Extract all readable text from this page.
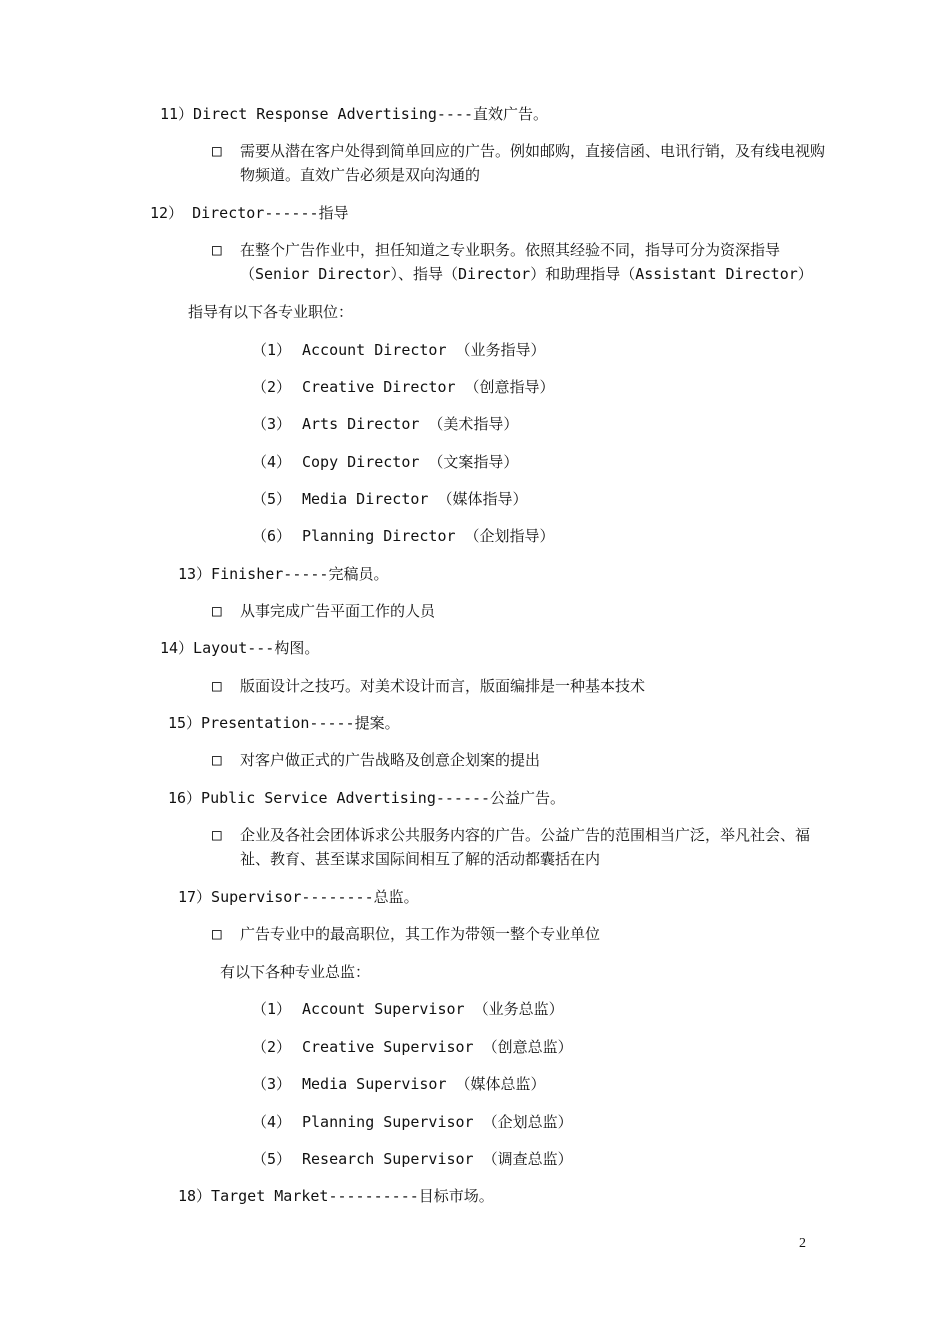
11）Direct Response Advertising----直效广告。
□ 需要从潜在客户处得到简单回应的广告。例如邮购，直接信函、电讯行销，及有线电视购物频道。直效广告必须是双向沟通的
12） Director------指导
□ 在整个广告作业中，担任知道之专业职务。依照其经验不同，指导可分为资深指导（Senior Director）、指导（Director）和助理指导（Assistant Director）
指导有以下各专业职位：
（1） Account Director （业务指导）
（2） Creative Director （创意指导）
（3） Arts Director （美术指导）
（4） Copy Director （文案指导）
（5） Media Director （媒体指导）
（6） Planning Director （企划指导）
13）Finisher-----完稿员。
□ 从事完成广告平面工作的人员
14）Layout---构图。
□ 版面设计之技巧。对美术设计而言，版面编排是一种基本技术
15）Presentation-----提案。
□ 对客户做正式的广告战略及创意企划案的提出
16）Public Service Advertising------公益广告。
□ 企业及各社会团体诉求公共服务内容的广告。公益广告的范围相当广泛，举凡社会、福祉、教育、甚至谋求国际间相互了解的活动都囊括在内
17）Supervisor--------总监。
□ 广告专业中的最高职位，其工作为带领一整个专业单位
有以下各种专业总监：
（1） Account Supervisor （业务总监）
（2） Creative Supervisor （创意总监）
（3） Media Supervisor （媒体总监）
（4） Planning Supervisor （企划总监）
（5） Research Supervisor （调查总监）
18）Target Market----------目标市场。
2
